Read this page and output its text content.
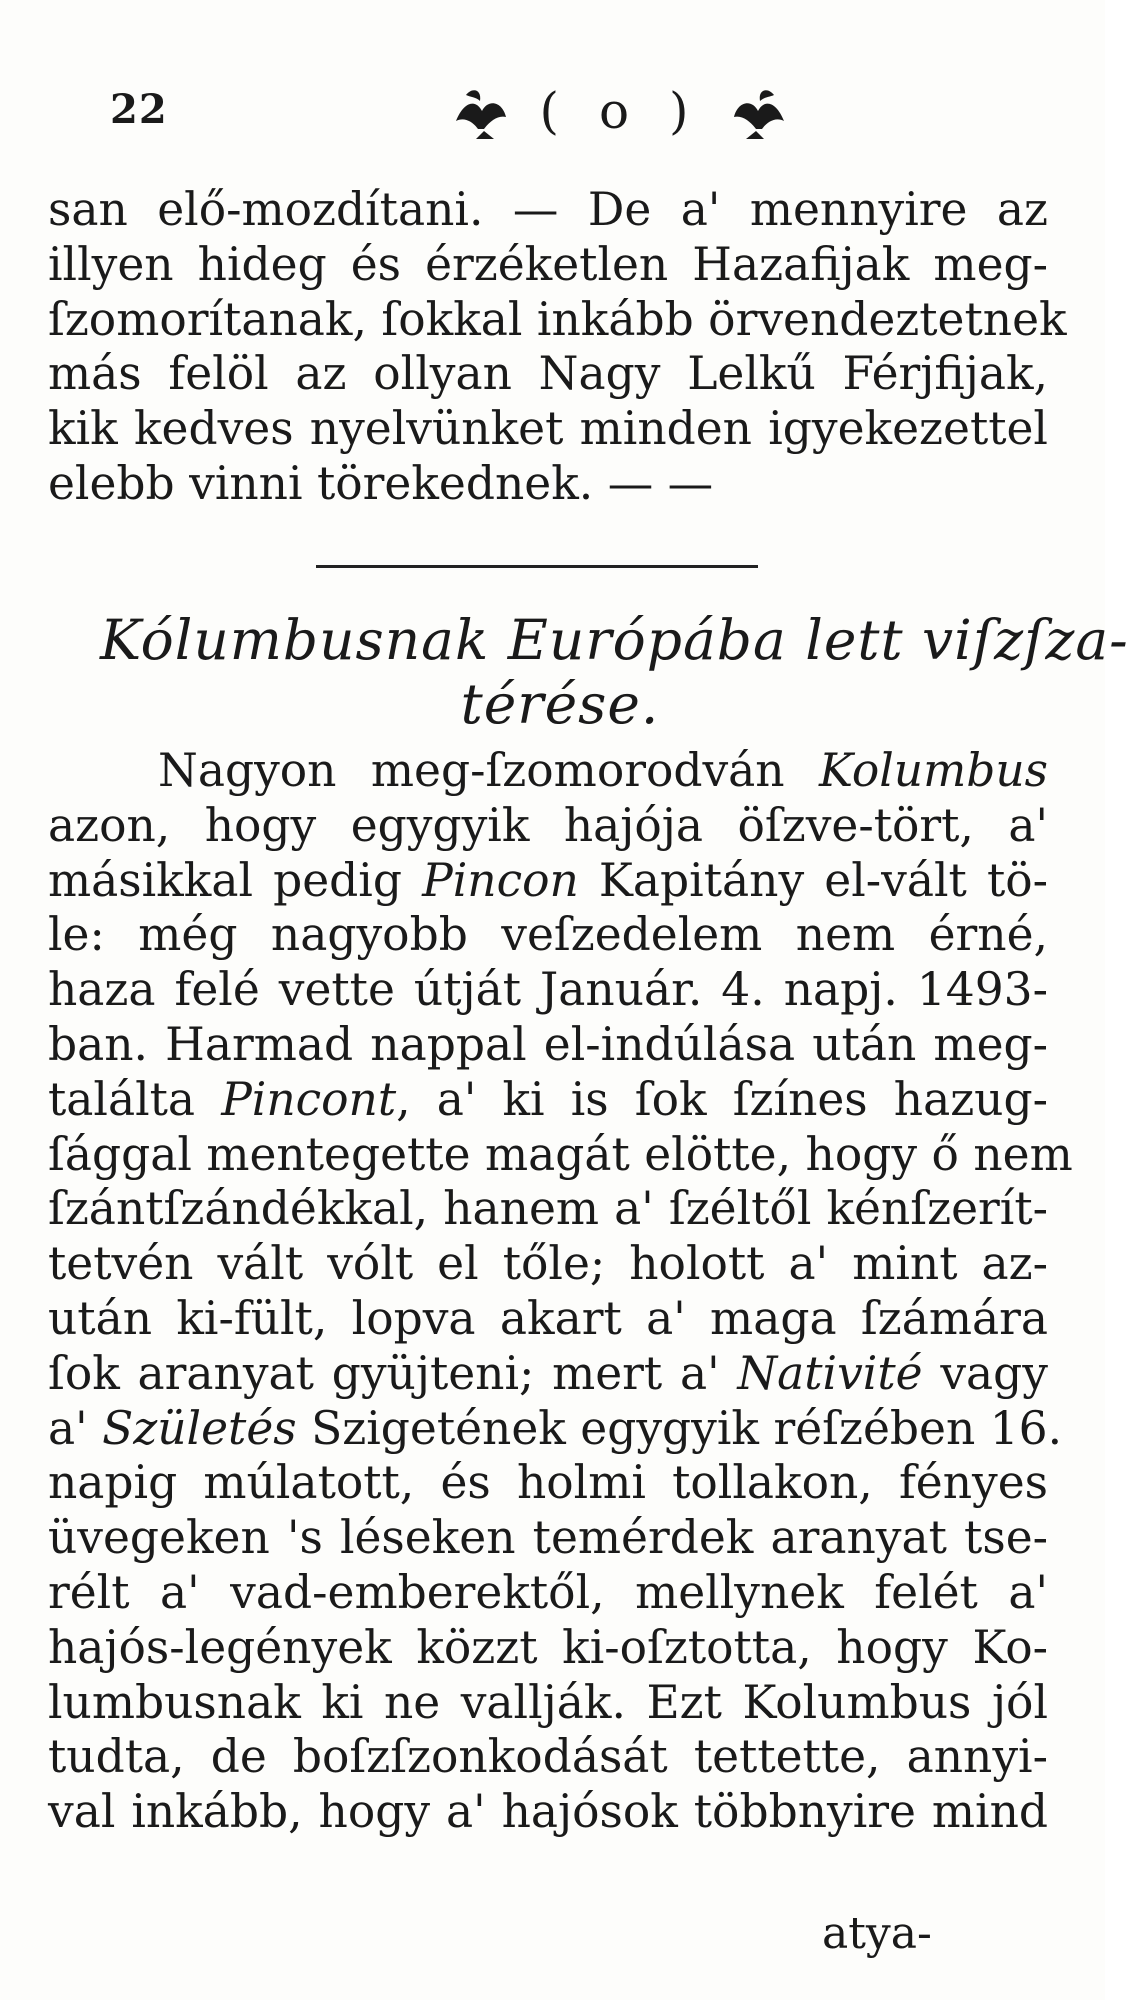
22	( o )
san elő-mozdítani. — De a' mennyire az
illyen hideg és érzéketlen Hazafijak meg-
ſzomorítanak, ſokkal inkább örvendeztetnek
más felöl az ollyan Nagy Lelkű Férjfijak,
kik kedves nyelvünket minden igyekezettel
elebb vinni törekednek. — —
Kólumbusnak Európába lett viſzſza-
térése.
Nagyon meg-ſzomorodván Kolumbus
azon, hogy egygyik hajója öſzve-tört, a'
másikkal pedig Pincon Kapitány el-vált tö-
le: még nagyobb veſzedelem nem érné,
haza felé vette útját Január. 4. napj. 1493-
ban. Harmad nappal el-indúlása után meg-
találta Pincont, a' ki is ſok ſzínes hazug-
ſággal mentegette magát elötte, hogy ő nem
ſzántſzándékkal, hanem a' ſzéltől kénſzerít-
tetvén vált vólt el tőle; holott a' mint az-
után ki-fült, lopva akart a' maga ſzámára
ſok aranyat gyüjteni; mert a' Nativité vagy
a' Születés Szigetének egygyik réſzében 16.
napig múlatott, és holmi tollakon, fényes
üvegeken 's léseken temérdek aranyat tse-
rélt a' vad-emberektől, mellynek felét a'
hajós-legények közzt ki-oſztotta, hogy Ko-
lumbusnak ki ne vallják. Ezt Kolumbus jól
tudta, de boſzſzonkodását tettette, annyi-
val inkább, hogy a' hajósok többnyire mind
atya-
